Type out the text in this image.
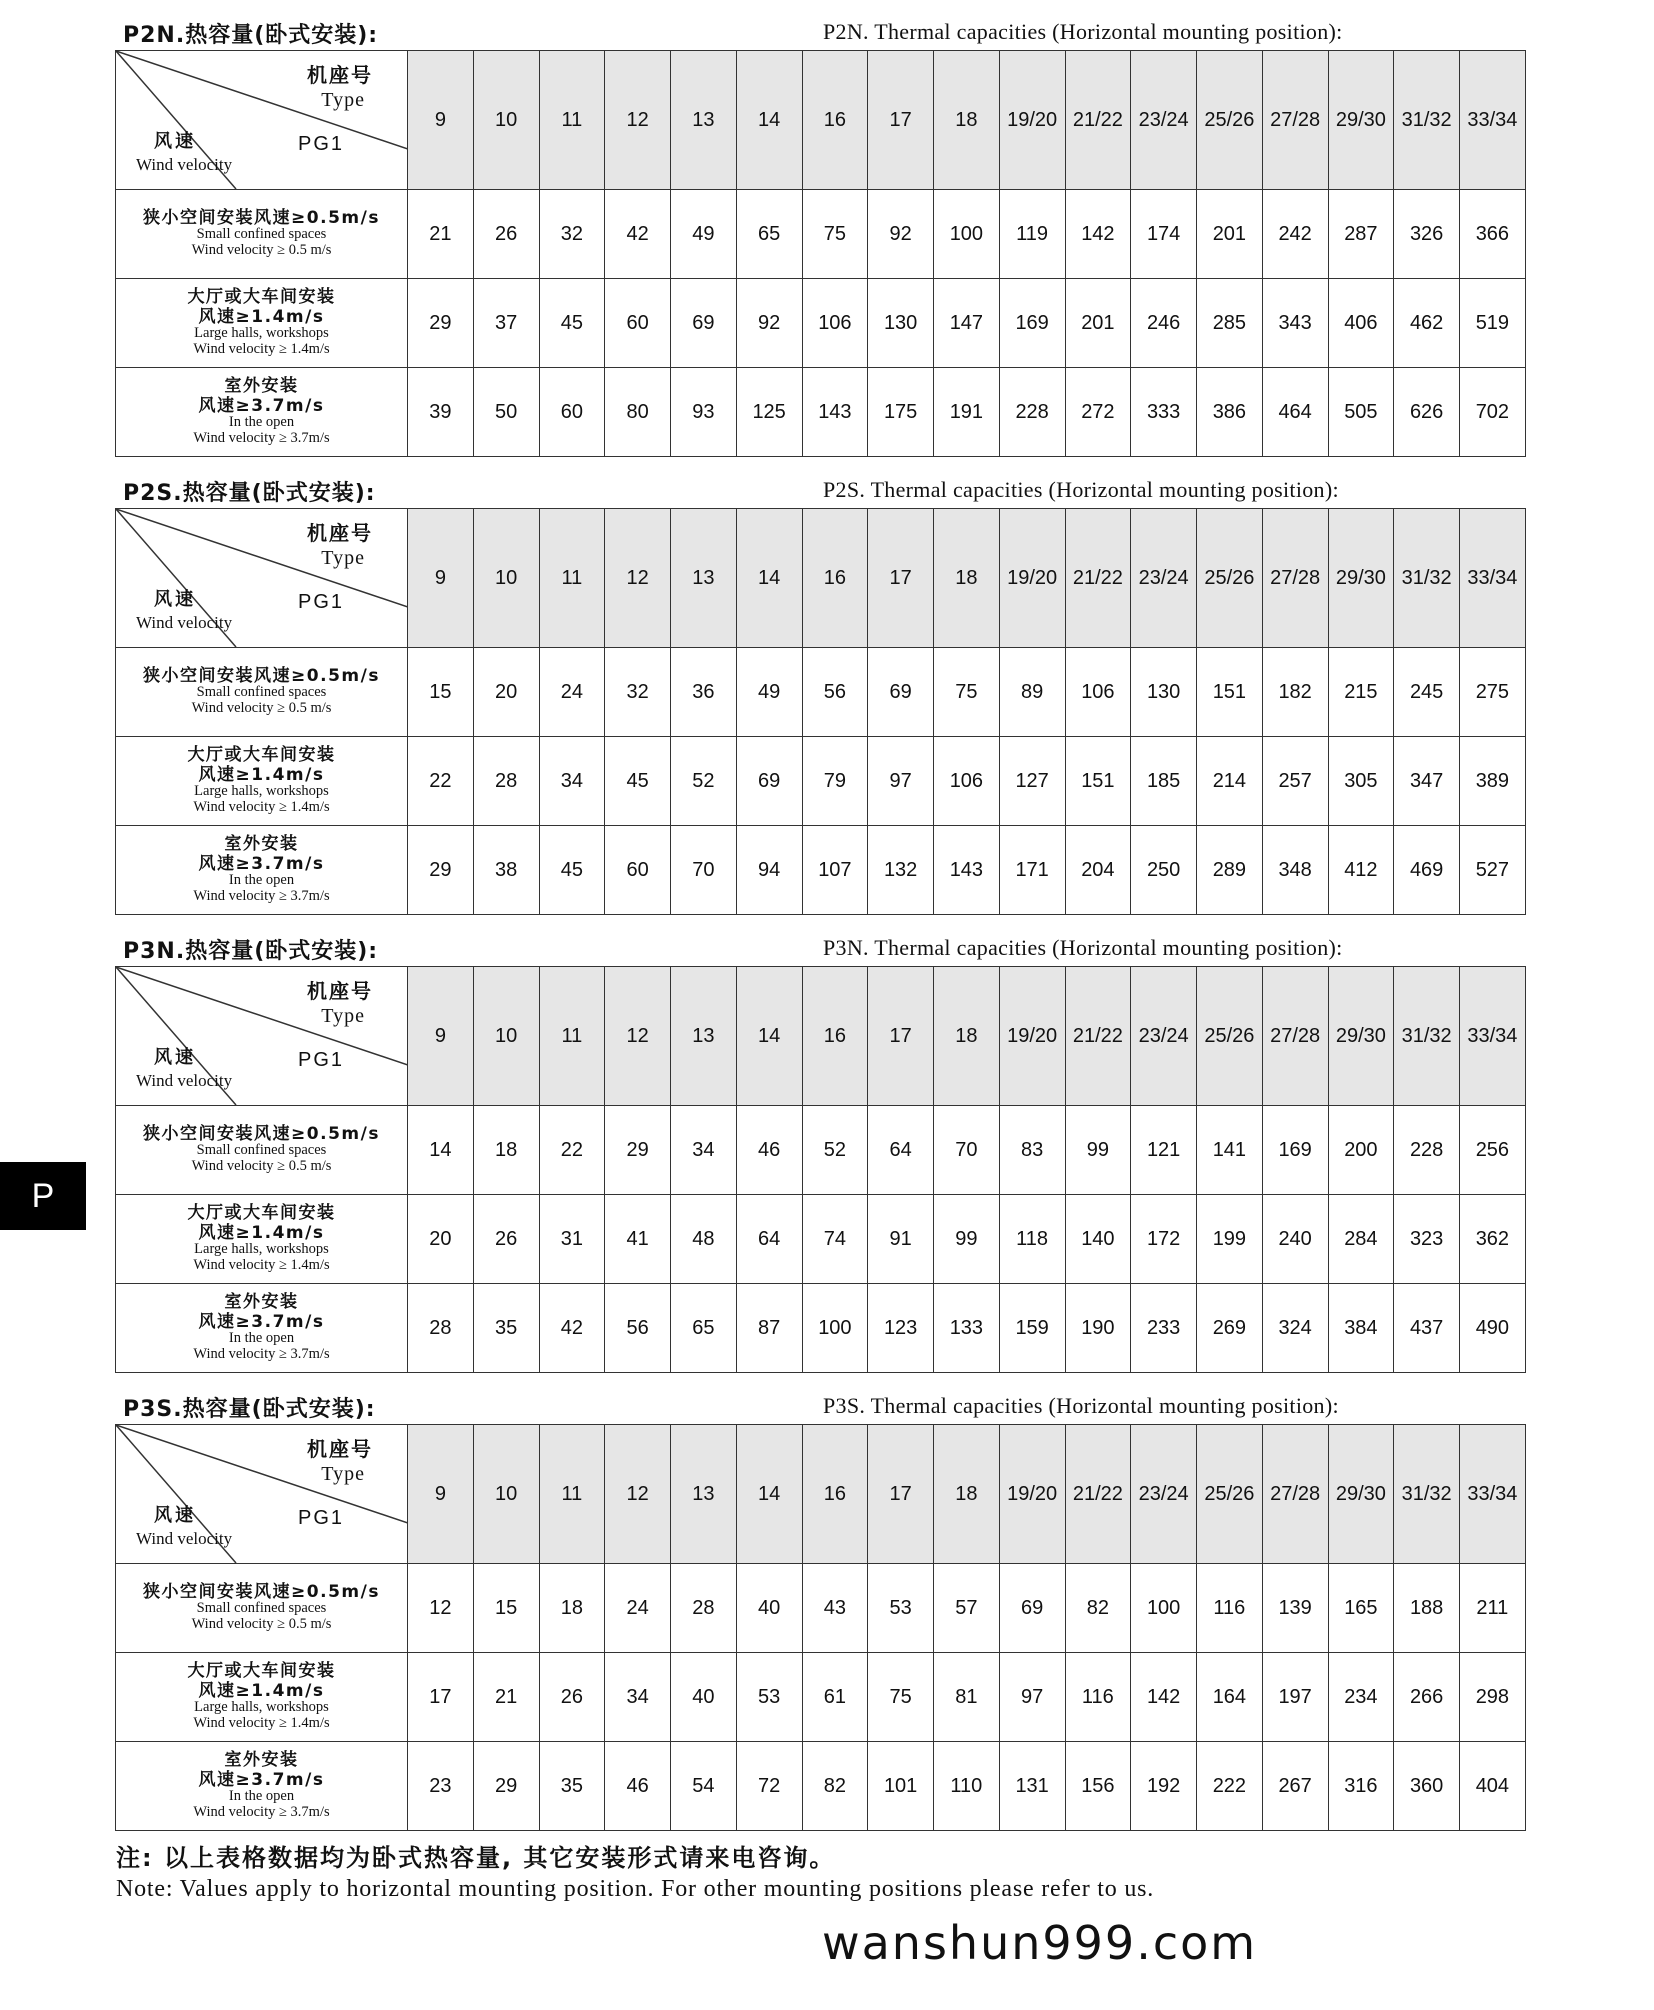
P2N.热容量(卧式安装):	P2N. Thermal capacities (Horizontal mounting position):
机座号
Type
PG1
风速
Wind velocity	9	10	11	12	13	14	16	17	18	19/20	21/22	23/24	25/26	27/28	29/30	31/32	33/34

狭小空间安装风速≥0.5m/s
Small confined spaces
Wind velocity ≥ 0.5 m/s	21	26	32	42	49	65	75	92	100	119	142	174	201	242	287	326	366

大厅或大车间安装
风速≥1.4m/s
Large halls, workshops
Wind velocity ≥ 1.4m/s	29	37	45	60	69	92	106	130	147	169	201	246	285	343	406	462	519

室外安装
风速≥3.7m/s
In the open
Wind velocity ≥ 3.7m/s	39	50	60	80	93	125	143	175	191	228	272	333	386	464	505	626	702
P2S.热容量(卧式安装):	P2S. Thermal capacities (Horizontal mounting position):
机座号
Type
PG1
风速
Wind velocity	9	10	11	12	13	14	16	17	18	19/20	21/22	23/24	25/26	27/28	29/30	31/32	33/34

狭小空间安装风速≥0.5m/s
Small confined spaces
Wind velocity ≥ 0.5 m/s	15	20	24	32	36	49	56	69	75	89	106	130	151	182	215	245	275

大厅或大车间安装
风速≥1.4m/s
Large halls, workshops
Wind velocity ≥ 1.4m/s	22	28	34	45	52	69	79	97	106	127	151	185	214	257	305	347	389

室外安装
风速≥3.7m/s
In the open
Wind velocity ≥ 3.7m/s	29	38	45	60	70	94	107	132	143	171	204	250	289	348	412	469	527
P3N.热容量(卧式安装):	P3N. Thermal capacities (Horizontal mounting position):
机座号
Type
PG1
风速
Wind velocity	9	10	11	12	13	14	16	17	18	19/20	21/22	23/24	25/26	27/28	29/30	31/32	33/34

狭小空间安装风速≥0.5m/s
Small confined spaces
Wind velocity ≥ 0.5 m/s	14	18	22	29	34	46	52	64	70	83	99	121	141	169	200	228	256

大厅或大车间安装
风速≥1.4m/s
Large halls, workshops
Wind velocity ≥ 1.4m/s	20	26	31	41	48	64	74	91	99	118	140	172	199	240	284	323	362

室外安装
风速≥3.7m/s
In the open
Wind velocity ≥ 3.7m/s	28	35	42	56	65	87	100	123	133	159	190	233	269	324	384	437	490
P3S.热容量(卧式安装):	P3S. Thermal capacities (Horizontal mounting position):
机座号
Type
PG1
风速
Wind velocity	9	10	11	12	13	14	16	17	18	19/20	21/22	23/24	25/26	27/28	29/30	31/32	33/34

狭小空间安装风速≥0.5m/s
Small confined spaces
Wind velocity ≥ 0.5 m/s	12	15	18	24	28	40	43	53	57	69	82	100	116	139	165	188	211

大厅或大车间安装
风速≥1.4m/s
Large halls, workshops
Wind velocity ≥ 1.4m/s	17	21	26	34	40	53	61	75	81	97	116	142	164	197	234	266	298

室外安装
风速≥3.7m/s
In the open
Wind velocity ≥ 3.7m/s	23	29	35	46	54	72	82	101	110	131	156	192	222	267	316	360	404
注: 以上表格数据均为卧式热容量, 其它安装形式请来电咨询。
Note: Values apply to horizontal mounting position. For other mounting positions please refer to us.
wanshun999.com
P
